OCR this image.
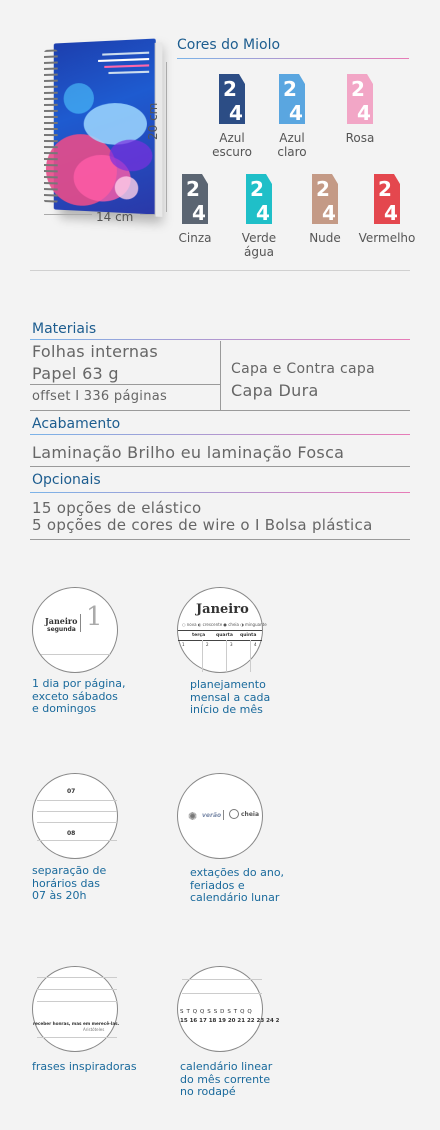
20 cm
14 cm
Cores do Miolo
2
4
Azul
escuro
2
4
Azul
claro
2
4
Rosa
2
4
Cinza
2
4
Verde
água
2
4
Nude
2
4
Vermelho
Materiais
Folhas internas
Papel 63 g
offset I 336 páginas
Capa e Contra capa
Capa Dura
Acabamento
Laminação Brilho eu laminação Fosca
Opcionais
15 opções de elástico
5 opções de cores de wire o I Bolsa plástica
Janeiro
segunda 1
1 dia por página,
exceto sábados
e domingos
Janeiro
○ nova ◐ crescente ● cheia ◑ minguante
terça quarta quinta
1	2	3	4
planejamento
mensal a cada
início de mês
07
08
separação de
horários das
07 às 20h
✺ verão	cheia
extações do ano,
feriados e
calendário lunar
receber honras, mas em merecê-las.
Aristóteles
frases inspiradoras
S T Q Q S S D S T Q Q
15 16 17 18 19 20 21 22 23 24 2
calendário linear
do mês corrente
no rodapé
